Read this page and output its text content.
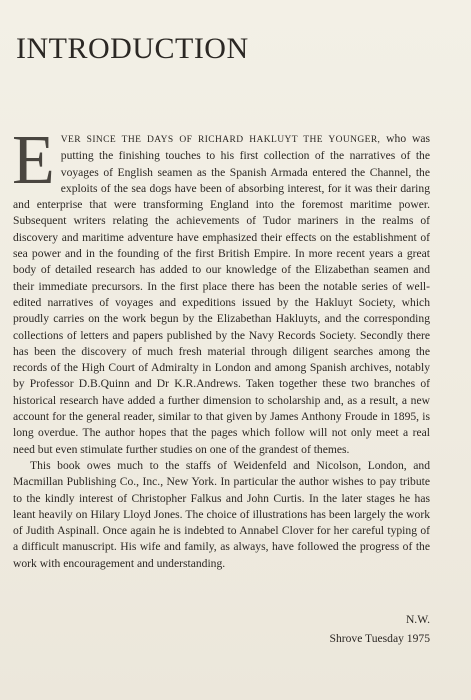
INTRODUCTION

EVER SINCE THE DAYS OF RICHARD HAKLUYT THE YOUNGER, who was putting the finishing touches to his first collection of the narratives of the voyages of English seamen as the Spanish Armada entered the Channel, the exploits of the sea dogs have been of absorbing interest, for it was their daring and enterprise that were transforming England into the foremost maritime power. Subsequent writers relating the achievements of Tudor mariners in the realms of discovery and maritime adventure have emphasized their effects on the establishment of sea power and in the founding of the first British Empire. In more recent years a great body of detailed research has added to our knowledge of the Elizabethan seamen and their immediate precursors. In the first place there has been the notable series of well-edited narratives of voyages and expeditions issued by the Hakluyt Society, which proudly carries on the work begun by the Elizabethan Hakluyts, and the corresponding collections of letters and papers published by the Navy Records Society. Secondly there has been the discovery of much fresh material through diligent searches among the records of the High Court of Admiralty in London and among Spanish archives, notably by Professor D.B.Quinn and Dr K.R.Andrews. Taken together these two branches of historical research have added a further dimension to scholarship and, as a result, a new account for the general reader, similar to that given by James Anthony Froude in 1895, is long overdue. The author hopes that the pages which follow will not only meet a real need but even stimulate further studies on one of the grandest of themes.

This book owes much to the staffs of Weidenfeld and Nicolson, London, and Macmillan Publishing Co., Inc., New York. In particular the author wishes to pay tribute to the kindly interest of Christopher Falkus and John Curtis. In the later stages he has leant heavily on Hilary Lloyd Jones. The choice of illustrations has been largely the work of Judith Aspinall. Once again he is indebted to Annabel Clover for her careful typing of a difficult manuscript. His wife and family, as always, have followed the progress of the work with encouragement and understanding.

N.W.
Shrove Tuesday 1975
